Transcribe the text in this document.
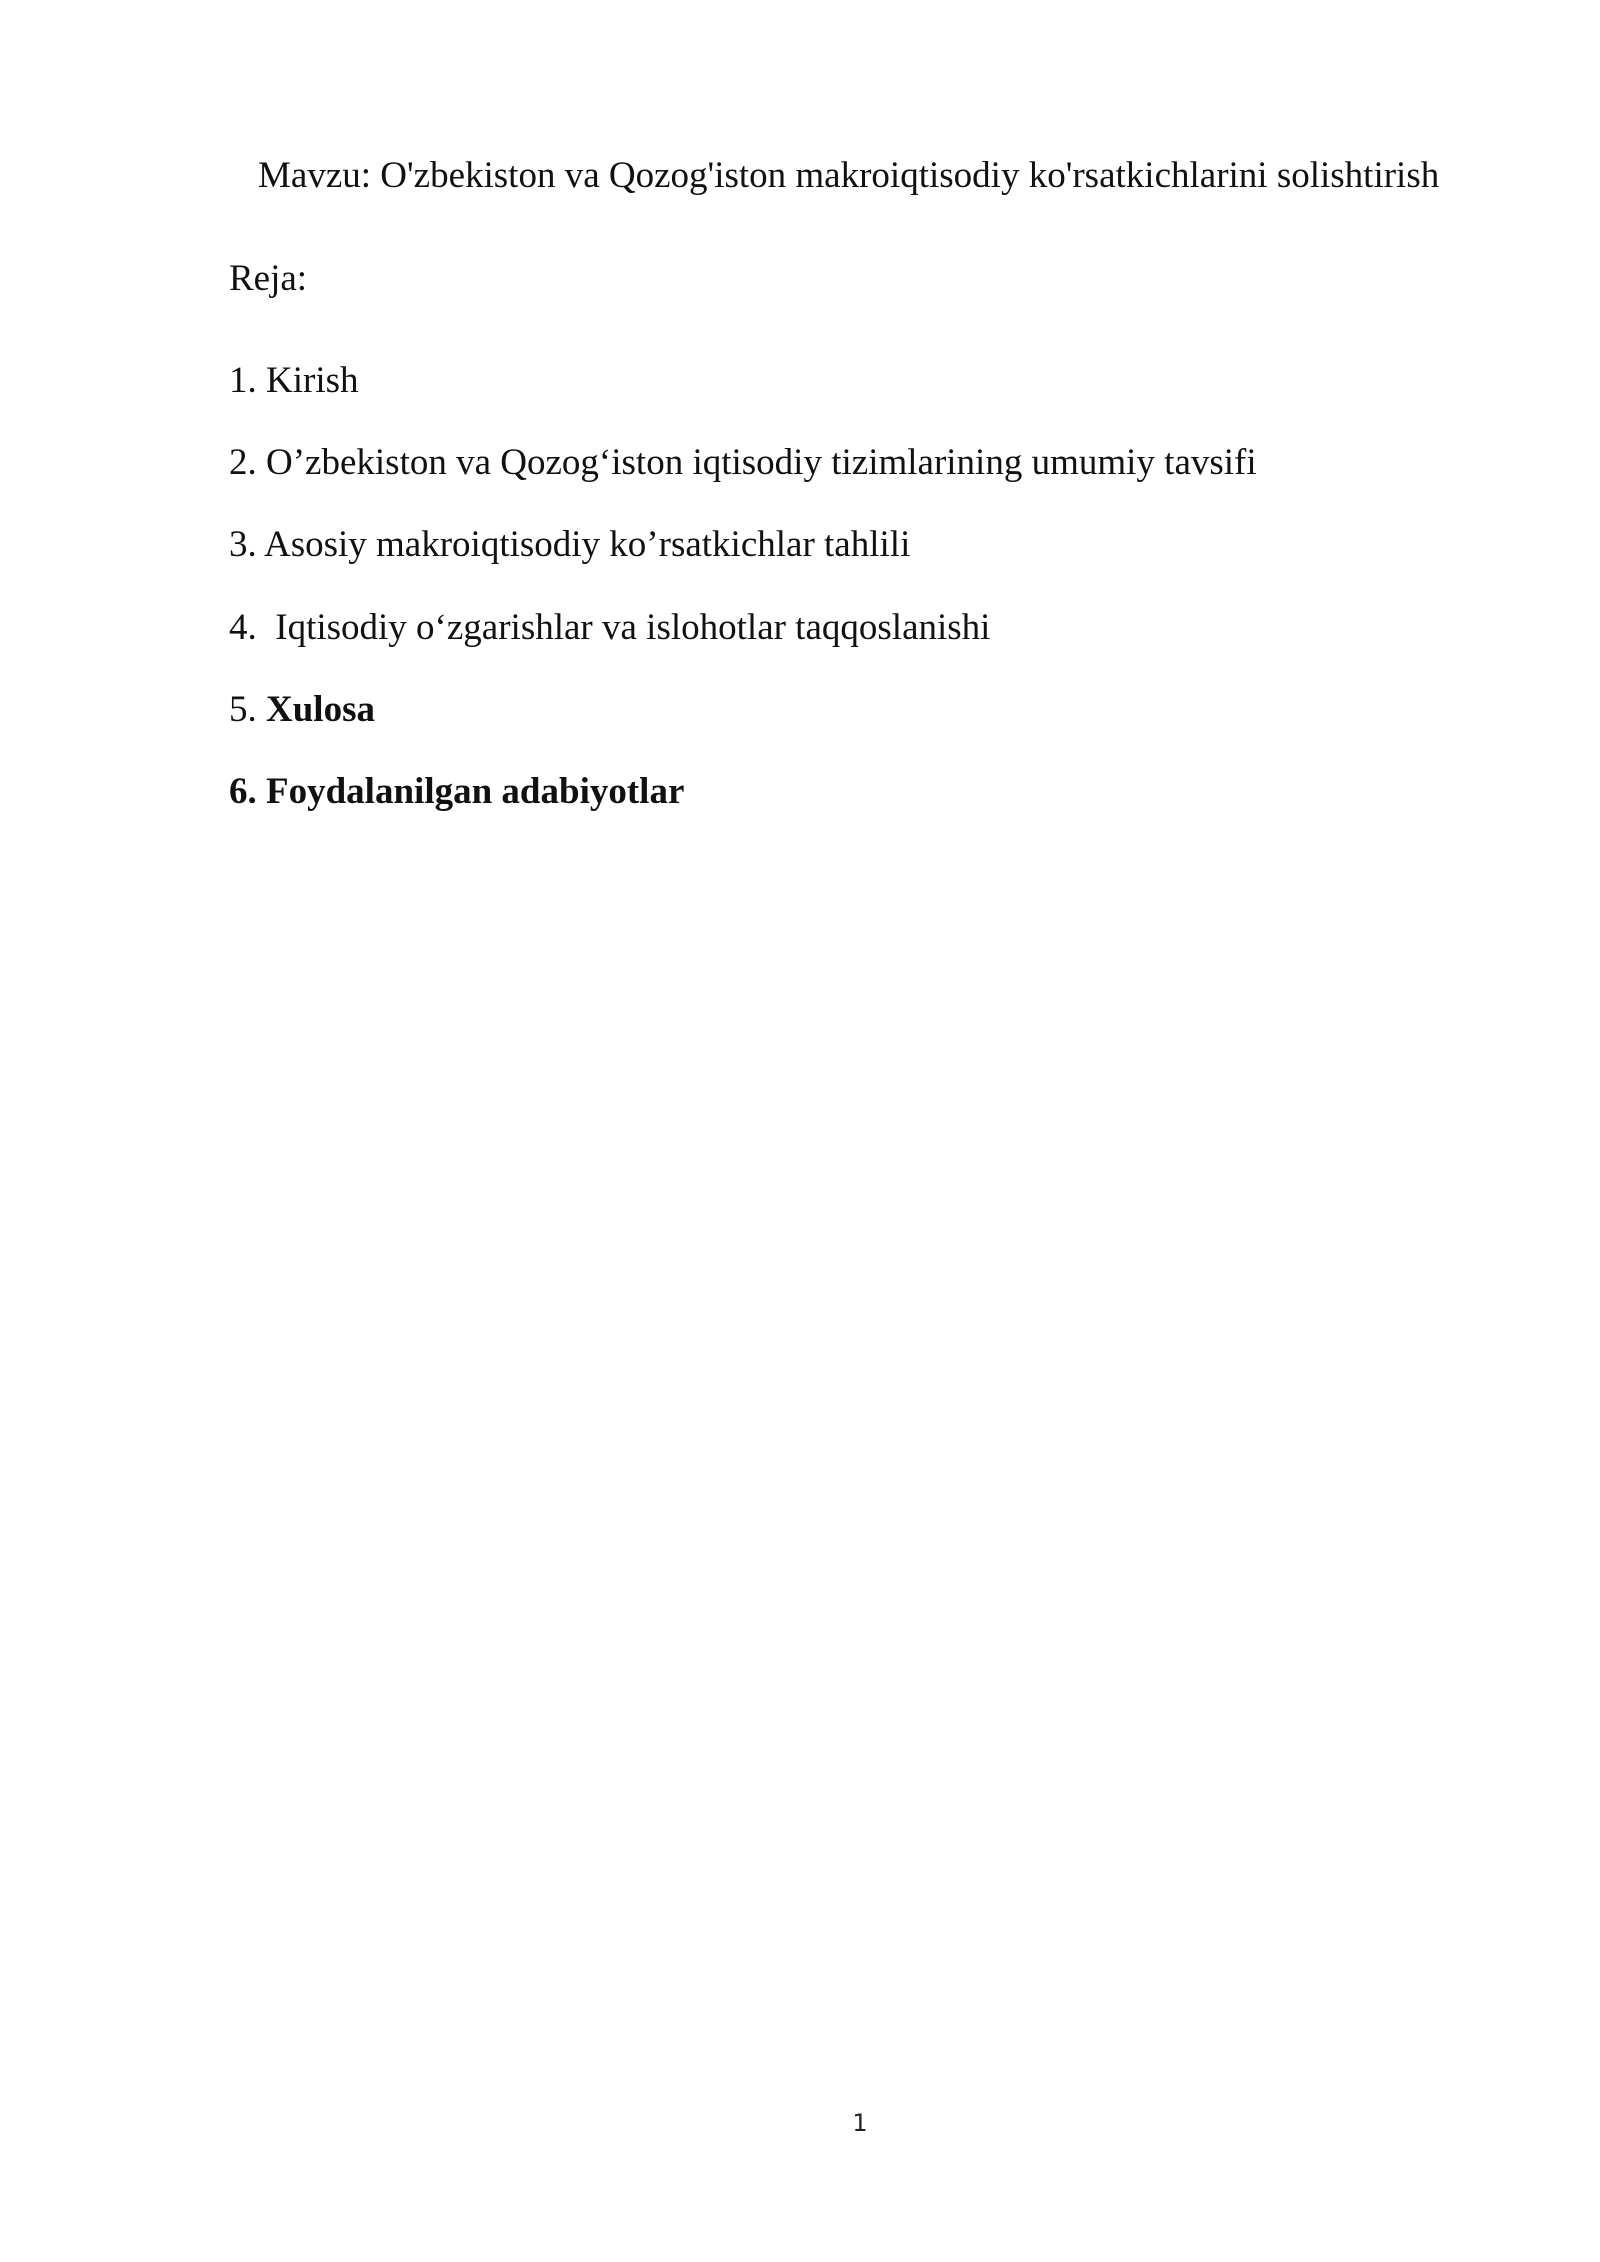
Mavzu: O'zbekiston va Qozog'iston makroiqtisodiy ko'rsatkichlarini solishtirish
Reja:
1. Kirish
2. O’zbekiston va Qozog‘iston iqtisodiy tizimlarining umumiy tavsifi
3. Asosiy makroiqtisodiy ko’rsatkichlar tahlili
4. Iqtisodiy o‘zgarishlar va islohotlar taqqoslanishi
5. Xulosa
6. Foydalanilgan adabiyotlar
1
